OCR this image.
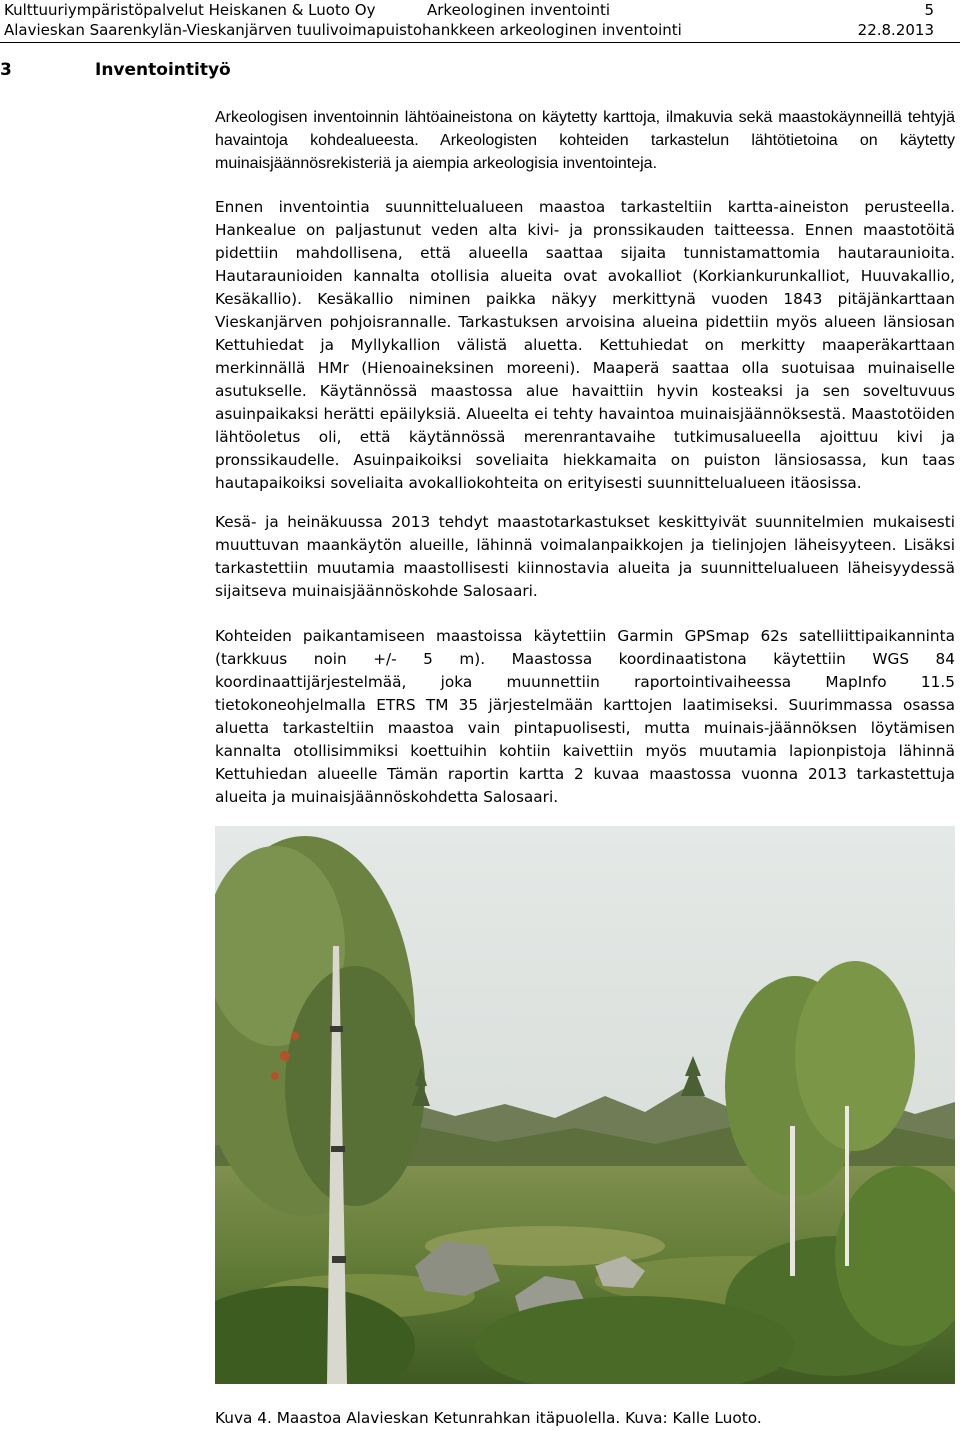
Kulttuuriympäristöpalvelut Heiskanen & Luoto Oy	Arkeologinen inventointi	5
Alavieskan Saarenkylän-Vieskanjärven tuulivoimapuistohankkeen arkeologinen inventointi	22.8.2013
3	Inventointityö
Arkeologisen inventoinnin lähtöaineistona on käytetty karttoja, ilmakuvia sekä maastokäynneillä tehtyjä havaintoja kohdealueesta. Arkeologisten kohteiden tarkastelun lähtötietoina on käytetty muinaisjäännösrekisteriä ja aiempia arkeologisia inventointeja.
Ennen inventointia suunnittelualueen maastoa tarkasteltiin kartta-aineiston perusteella. Hankealue on paljastunut veden alta kivi- ja pronssikauden taitteessa. Ennen maastotöitä pidettiin mahdollisena, että alueella saattaa sijaita tunnistamattomia hautaraunioita. Hautaraunioiden kannalta otollisia alueita ovat avokalliot (Korkiankurunkalliot, Huuvakallio, Kesäkallio). Kesäkallio niminen paikka näkyy merkittynä vuoden 1843 pitäjänkarttaan Vieskanjärven pohjoisrannalle. Tarkastuksen arvoisina alueina pidettiin myös alueen länsiosan Kettuhiedat ja Myllykallion välistä aluetta. Kettuhiedat on merkitty maaperäkarttaan merkinnällä HMr (Hienoaineksinen moreeni). Maaperä saattaa olla suotuisaa muinaiselle asutukselle. Käytännössä maastossa alue havaittiin hyvin kosteaksi ja sen soveltuvuus asuinpaikaksi herätti epäilyksiä. Alueelta ei tehty havaintoa muinaisjäännöksestä. Maastotöiden lähtöoletus oli, että käytännössä merenrantavaihe tutkimusalueella ajoittuu kivi ja pronssikaudelle. Asuinpaikoiksi soveliaita hiekkamaita on puiston länsiosassa, kun taas hautapaikoiksi soveliaita avokalliokohteita on erityisesti suunnittelualueen itäosissa.
Kesä- ja heinäkuussa 2013 tehdyt maastotarkastukset keskittyivät suunnitelmien mukaisesti muuttuvan maankäytön alueille, lähinnä voimalanpaikkojen ja tielinjojen läheisyyteen. Lisäksi tarkastettiin muutamia maastollisesti kiinnostavia alueita ja suunnittelualueen läheisyydessä sijaitseva muinaisjäännöskohde Salosaari.
Kohteiden paikantamiseen maastoissa käytettiin Garmin GPSmap 62s satelliittipaikanninta (tarkkuus noin +/- 5 m). Maastossa koordinaatistona käytettiin WGS 84 koordinaattijärjestelmää, joka muunnettiin raportointivaiheessa MapInfo 11.5 tietokoneohjelmalla ETRS TM 35 järjestelmään karttojen laatimiseksi. Suurimmassa osassa aluetta tarkasteltiin maastoa vain pintapuolisesti, mutta muinais-jäännöksen löytämisen kannalta otollisimmiksi koettuihin kohtiin kaivettiin myös muutamia lapionpistoja lähinnä Kettuhiedan alueelle Tämän raportin kartta 2 kuvaa maastossa vuonna 2013 tarkastettuja alueita ja muinaisjäännöskohdetta Salosaari.
Kuva 4. Maastoa Alavieskan Ketunrahkan itäpuolella. Kuva: Kalle Luoto.
